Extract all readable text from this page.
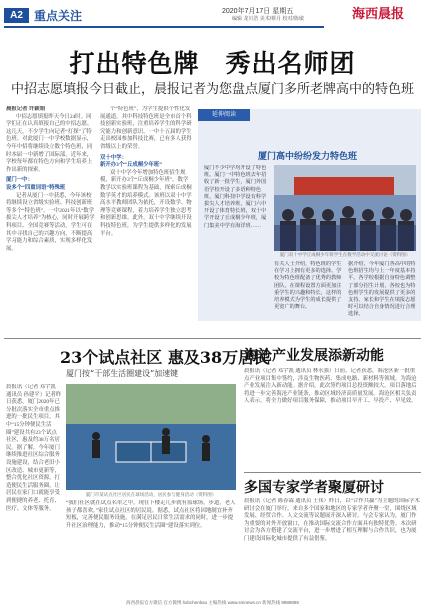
A2 重点关注	2020年7月17日 星期五
编辑 龙川浩 美术/蔡月 校对/陈敏	海西晨报
打出特色牌　秀出名师团
中招志愿填报今日截止，晨报记者为您盘点厦门多所老牌高中的特色班
晨报记者 许颖娟
中招志愿填报昨天今日24时。同学们正在认真填报自己的中招志愿。这几天，不少学生向记者“打探”了特色班。对此厦门一中学校数据显示，今年中招将继续设立数个特色班，同时本届一中新增了国际部。近年来，学校每年都在特色方向和学生培养上作出新的探索。
厦门一中：
设多个“四重词语”特殊班
记者从厦门一中获悉，今年该校将继续设立省级实验班、科技创新班等多个“特色班”。一中2021年以“数学拔尖人才培养”为核心，同时开展跨学科项目、全国竞赛等活动，学生可在其中寻找自己的兴趣方向，不断提高学习能力和综合素质，实现多样化发展。
个“特色班”，为学生提供个性化发展通道。其中科技特色班是全市首个科技创新实验班，注重培养学生的科学研究能力和创新意识，一中十五届的学生走出校园参加科技比赛，已有多人获得省级以上的荣誉。
双十中学：
新开办3个“丘成桐少年班”
双十中学今年增加特色班招生规模，新开办3个“丘成桐少年班”，数学教学以实验班课程为基础，探索丘成桐数学英才的培养模式。该班以双十中学高水平教师团队为依托，开设数学、物理等竞赛课程，着力培养学生独立思考和创新思维。此外，双十中学继续开设科技特色班，为学生提供多样化的发展平台。
延伸阅读
厦门高中纷纷发力特色班
厦门不少中学均开设了特色班。厦门一中特色班去年招收了新一批学生，厦门外国语学校开设了多语种特色班，厦门科技中学设有科学拔尖人才培养班，厦门六中开设了体育特长班，双十中学开设了丘成桐少年班，厦门集美中学有海洋班……
厦门双十中学丘成桐少年班学生在数学活动中交流讨论（资料图）
有关人士介绍，特色班的学生在学习上拥有更多的选择。学校为特色班配备了优秀的教师团队，在课程设置方面更加注重学生的兴趣和特长，这样的培养模式为学生的成长提供了更宽广的舞台。
据介绍，今年厦门各高中的特色班招生均与上一年度基本持平，各学校根据自身特色调整了部分招生计划，各校也为特色班学生的发展提供了更多的支持，家长和学生在填报志愿时可以结合自身情况进行合理选择。
23个试点社区 惠及38万居民
厦门按“干部生活圈建设”加速键
晨报讯（记者 邓宇凯 通讯员 孙建平）记者昨日获悉，厦门2020年已分批次落实全市重点推进的一批民生项目，其中“15分钟便民生活圈”建设共有23个试点社区，惠及约38万名居民。据了解，今年厦门继续推进社区综合服务设施建设，结合老旧小区改造、城市更新等，整合优化社区资源，打造便民生活服务圈，让居民在家门口就能享受到便捷的养老、托育、医疗、文体等服务。
厦门市某试点社区居民在球场活动，居民参与健身活动（资料图）
“我们社区就在试点名单之中，现在下楼走几步就有篮球场，步道，老人孩子都喜欢。”家住试点社区的居民说。据悉，试点社区将因地制宜补齐短板，完善便民服务设施，在满足居民日常生活需求的同时，进一步提升社区治理能力，推动“15分钟便民生活圈”建设落实到位。
海沧产业发展添新动能
晨报讯（记者 邓宇凯 通讯员 林永强）日前，记者获悉，海沧区新一批重点产业项目集中签约，涉及生物医药、集成电路、新材料等领域，为海沧产业发展注入新动能。据介绍，此次签约项目总投资额较大，项目落地后将进一步完善海沧产业链条，推动区域经济高质量发展。海沧区相关负责人表示，将全力做好项目服务保障，推动项目早开工、早投产、早见效。
多国专家学者聚厦研讨
晨报讯（记者 陈春霖 通讯员 王伟）昨日，以“合作共赢”为主题的国际学术研讨会在厦门举行，来自多个国家和地区的专家学者齐聚一堂，围绕区域发展、经贸合作、人文交流等议题展开深入研讨。与会专家认为，厦门作为重要的对外开放窗口，在推动国际交流合作方面具有独特优势。本次研讨会为各方搭建了交流平台，进一步增进了相互理解与合作共识，也为厦门建设国际化城市提供了有益借鉴。
海西晨报官方微信 官方微博 hxbchenbao 主编热线 www.smnews.cn 新闻热线 8888888
